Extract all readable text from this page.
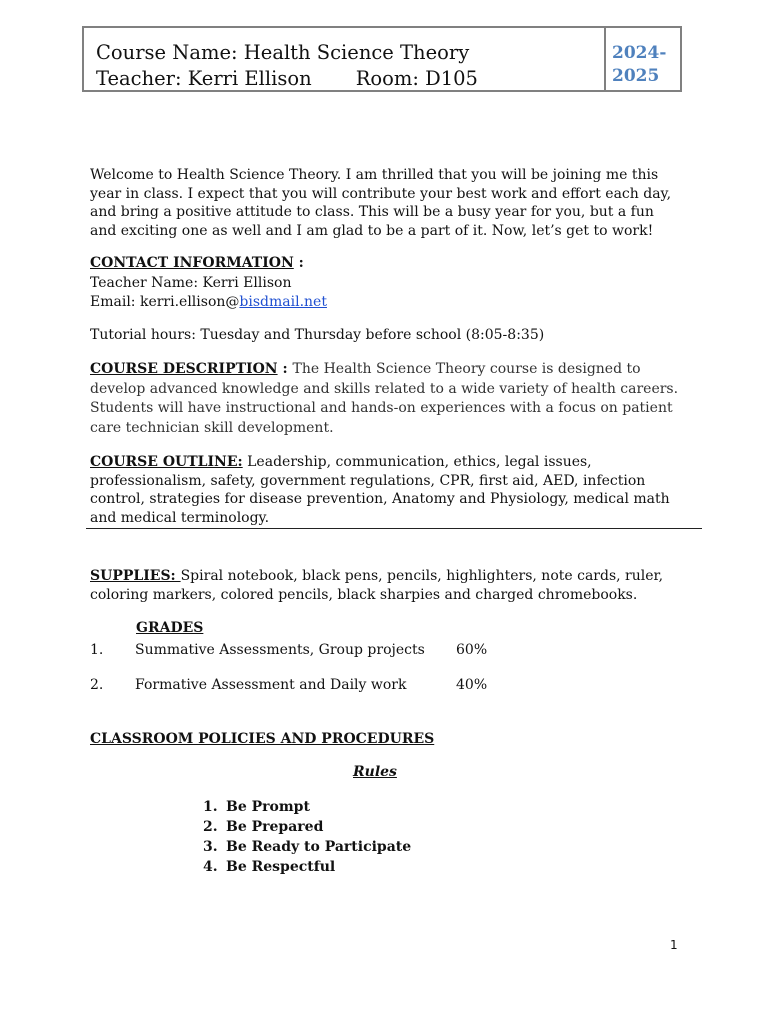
Course Name: Health Science Theory
Teacher: Kerri Ellison Room: D105
2024-
2025
Welcome to Health Science Theory. I am thrilled that you will be joining me this year in class. I expect that you will contribute your best work and effort each day, and bring a positive attitude to class. This will be a busy year for you, but a fun and exciting one as well and I am glad to be a part of it. Now, let’s get to work!
CONTACT INFORMATION :
Teacher Name: Kerri Ellison
Email: kerri.ellison@bisdmail.net
Tutorial hours: Tuesday and Thursday before school (8:05-8:35)
COURSE DESCRIPTION : The Health Science Theory course is designed to develop advanced knowledge and skills related to a wide variety of health careers. Students will have instructional and hands-on experiences with a focus on patient care technician skill development.
COURSE OUTLINE: Leadership, communication, ethics, legal issues, professionalism, safety, government regulations, CPR, first aid, AED, infection control, strategies for disease prevention, Anatomy and Physiology, medical math and medical terminology.
SUPPLIES: Spiral notebook, black pens, pencils, highlighters, note cards, ruler, coloring markers, colored pencils, black sharpies and charged chromebooks.
GRADES
1. Summative Assessments, Group projects 60%
2. Formative Assessment and Daily work	40%
CLASSROOM POLICIES AND PROCEDURES
Rules
1. Be Prompt
2. Be Prepared
3. Be Ready to Participate
4. Be Respectful
1
